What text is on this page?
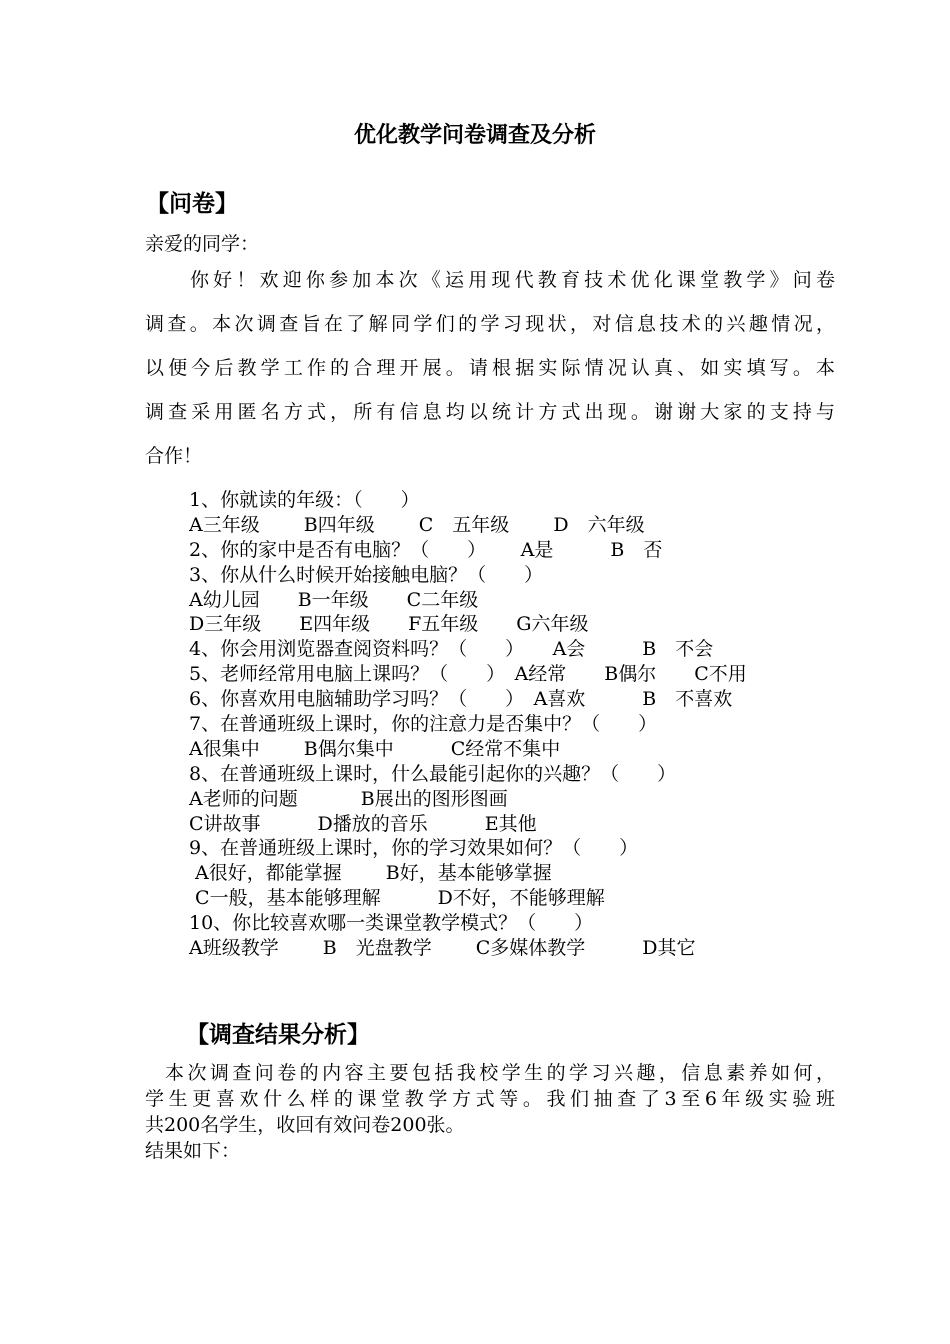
优化教学问卷调查及分析
【问卷】
亲爱的同学：
你好！欢迎你参加本次《运用现代教育技术优化课堂教学》问卷
调查。本次调查旨在了解同学们的学习现状，对信息技术的兴趣情况，
以便今后教学工作的合理开展。请根据实际情况认真、如实填写。本
调查采用匿名方式，所有信息均以统计方式出现。谢谢大家的支持与
合作！
1、你就读的年级：（　　）
A三年级　　 B四年级　　 C　五年级　　 D　六年级
2、你的家中是否有电脑？（　　）　　 A是　　　B　否
3、你从什么时候开始接触电脑？（　　）
A幼儿园　　B一年级　　C二年级
D三年级　　E四年级　　F五年级　　G六年级
4、你会用浏览器查阅资料吗？（　　）　　A会　　　B　不会
5、老师经常用电脑上课吗？（　　）　A经常　　B偶尔　　C不用
6、你喜欢用电脑辅助学习吗？（　　）　A喜欢　　　B　不喜欢
7、在普通班级上课时，你的注意力是否集中？（　　）
A很集中　　 B偶尔集中　　　C经常不集中
8、在普通班级上课时，什么最能引起你的兴趣？（　　）
A老师的问题　　　 B展出的图形图画
C讲故事　　　D播放的音乐　　　E其他
9、在普通班级上课时，你的学习效果如何？（　　）
A很好，都能掌握　　 B好，基本能够掌握
C一般，基本能够理解　　　D不好，不能够理解
10、你比较喜欢哪一类课堂教学模式？（　　）
A班级教学　　 B　光盘教学　　 C多媒体教学　　　D其它
【调查结果分析】
本次调查问卷的内容主要包括我校学生的学习兴趣，信息素养如何，
学生更喜欢什么样的课堂教学方式等。我们抽查了3至6年级实验班
共200名学生，收回有效问卷200张。
结果如下：
